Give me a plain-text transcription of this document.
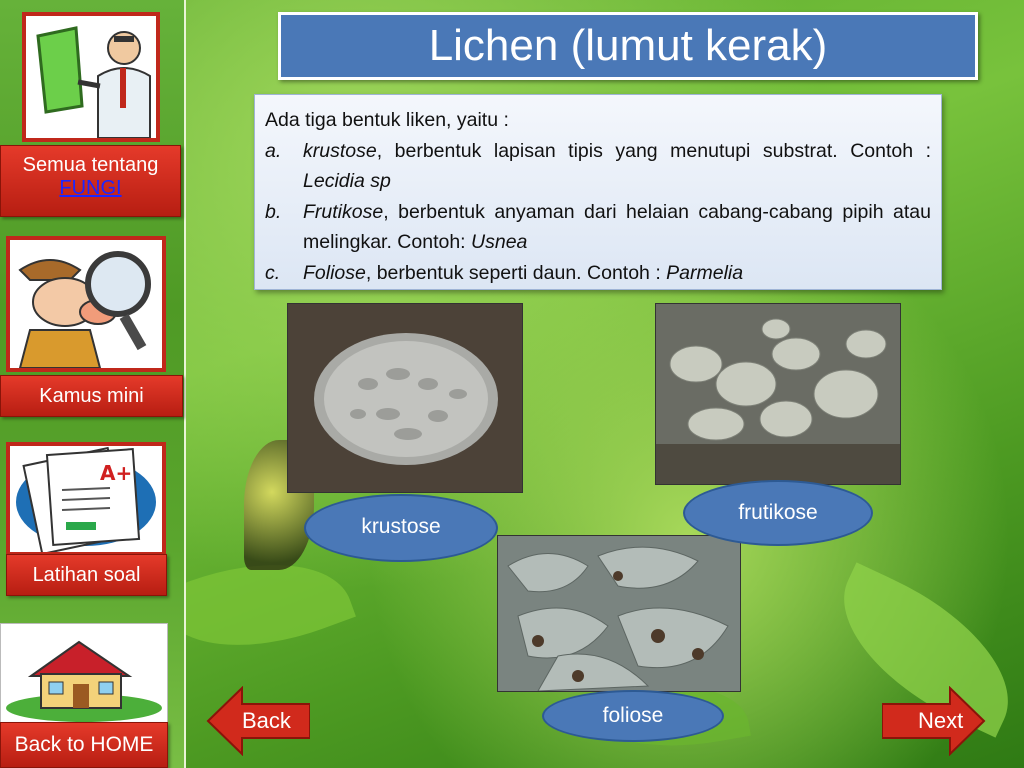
Semua tentang
FUNGI
Kamus mini
A+
Latihan soal
Back to HOME
Lichen (lumut kerak)
Ada tiga bentuk liken, yaitu :
a.	krustose, berbentuk lapisan tipis yang menutupi substrat. Contoh : Lecidia sp
b.	Frutikose, berbentuk anyaman dari helaian cabang-cabang pipih atau melingkar. Contoh: Usnea
c.	Foliose, berbentuk seperti daun. Contoh : Parmelia
krustose
frutikose
foliose
Back	Next
